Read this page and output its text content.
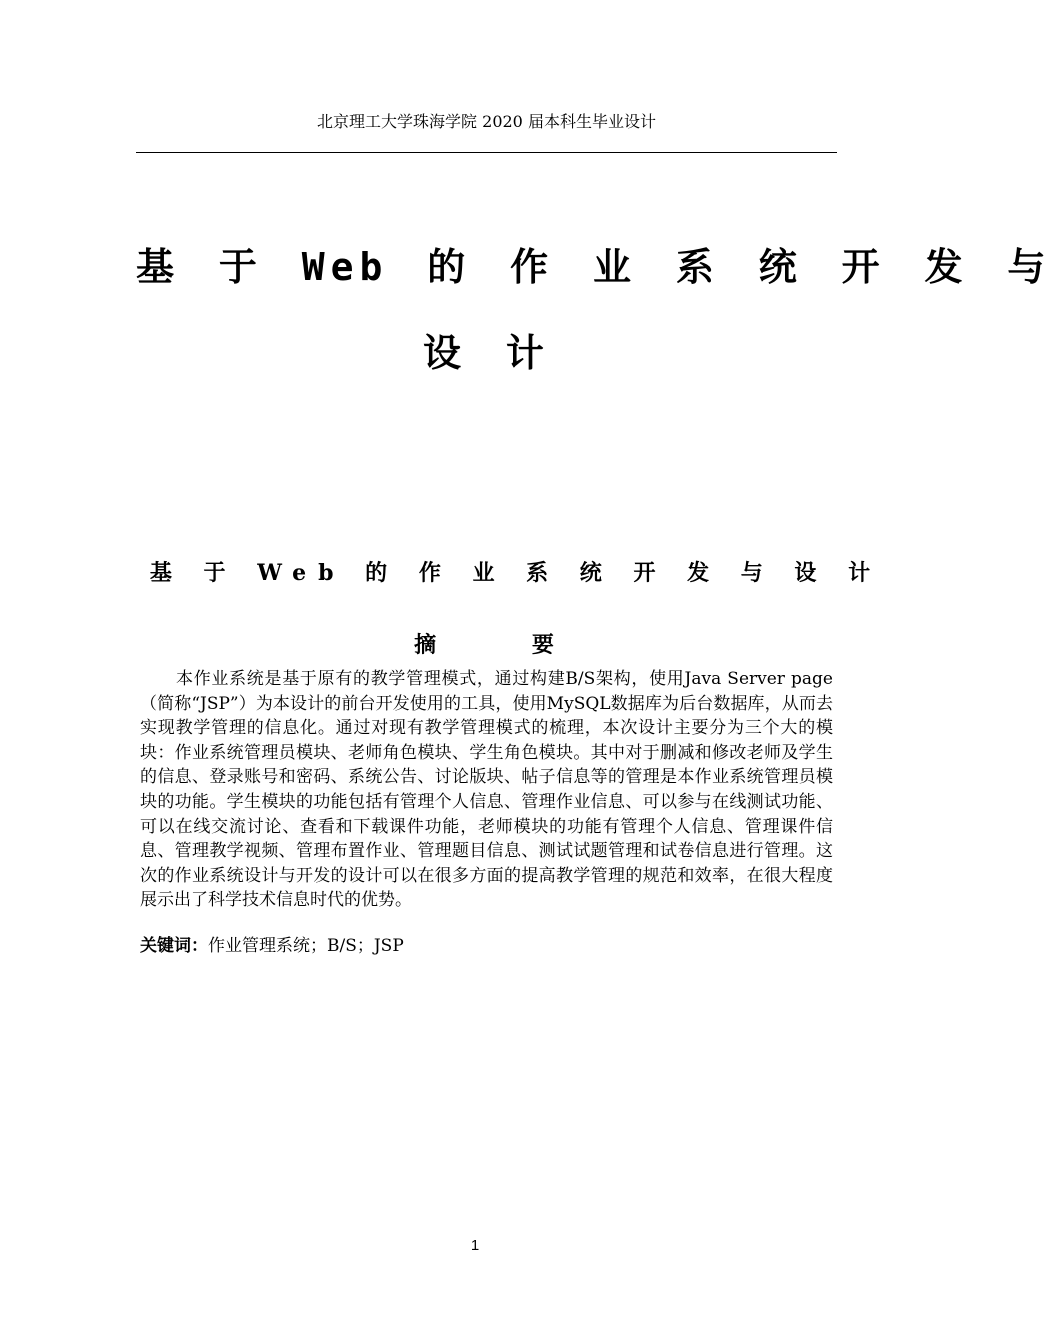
北京理工大学珠海学院 2020 届本科生毕业设计
基 于 Web 的 作 业 系 统 开 发 与
设 计
基 于 Web 的 作 业 系 统 开 发 与 设 计
摘 要

本作业系统是基于原有的教学管理模式，通过构建B/S架构，使用Java Server page（简称“JSP”）为本设计的前台开发使用的工具，使用MySQL数据库为后台数据库，从而去实现教学管理的信息化。通过对现有教学管理模式的梳理，本次设计主要分为三个大的模块：作业系统管理员模块、老师角色模块、学生角色模块。其中对于删减和修改老师及学生的信息、登录账号和密码、系统公告、讨论版块、帖子信息等的管理是本作业系统管理员模块的功能。学生模块的功能包括有管理个人信息、管理作业信息、可以参与在线测试功能、可以在线交流讨论、查看和下载课件功能，老师模块的功能有管理个人信息、管理课件信息、管理教学视频、管理布置作业、管理题目信息、测试试题管理和试卷信息进行管理。这次的作业系统设计与开发的设计可以在很多方面的提高教学管理的规范和效率，在很大程度展示出了科学技术信息时代的优势。

关键词：作业管理系统；B/S；JSP
1
